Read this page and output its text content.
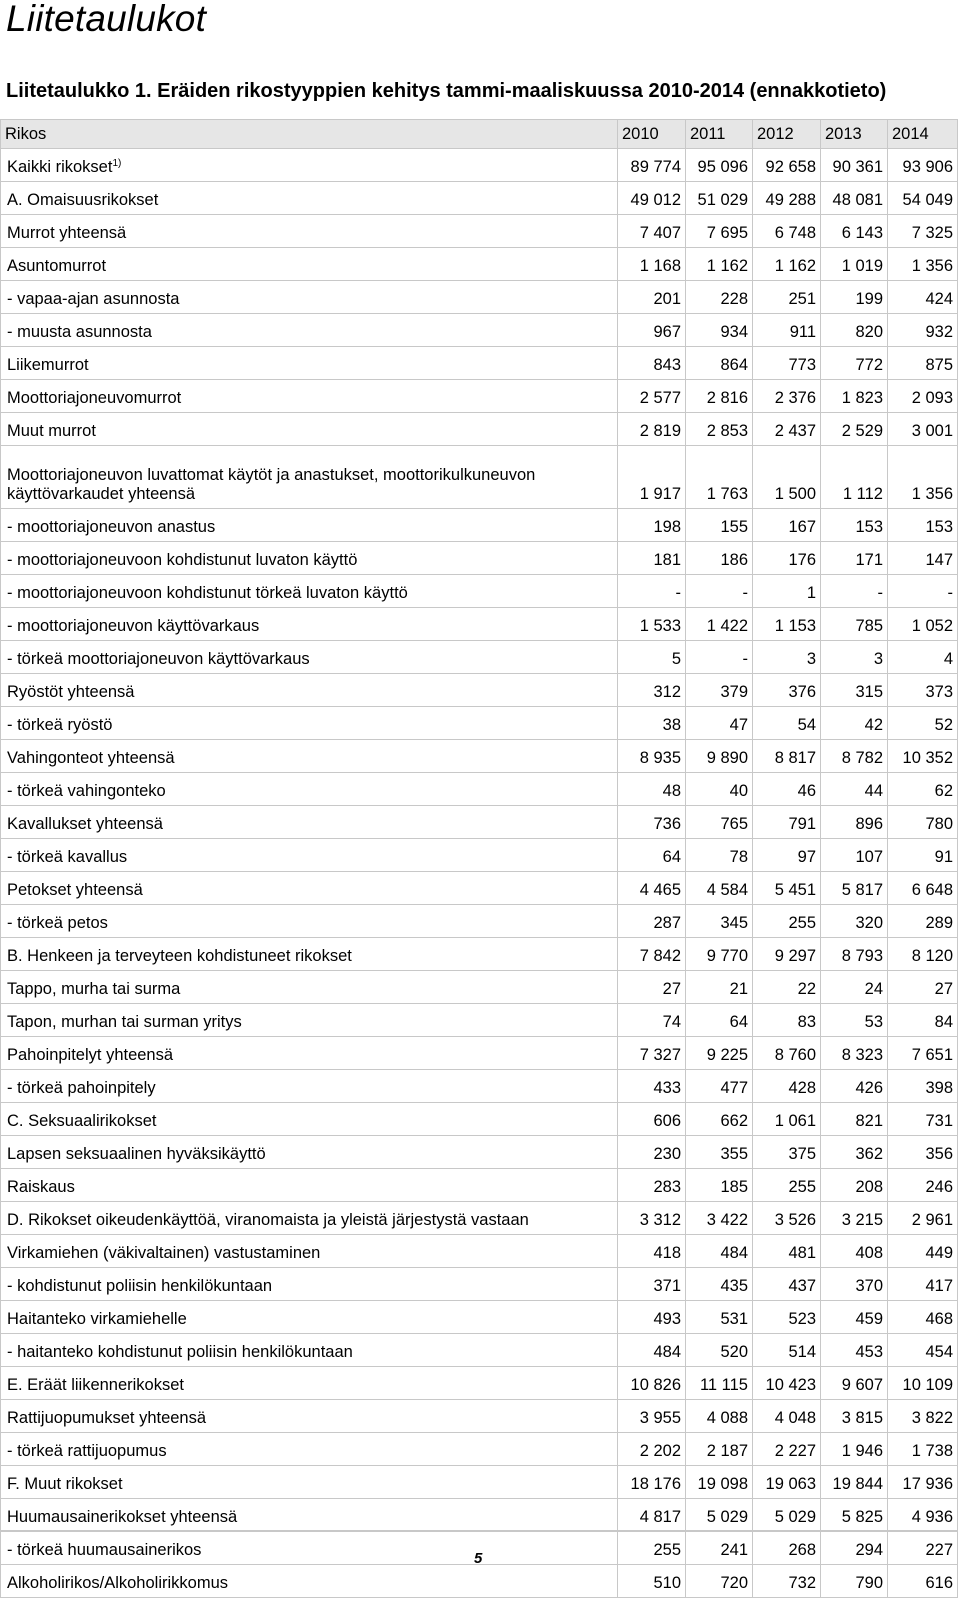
Liitetaulukot
Liitetaulukko 1. Eräiden rikostyyppien kehitys tammi-maaliskuussa 2010-2014 (ennakkotieto)
Rikos	2010	2011	2012	2013	2014
Kaikki rikokset$^{1)}$	89 774	95 096	92 658	90 361	93 906
A. Omaisuusrikokset	49 012	51 029	49 288	48 081	54 049
Murrot yhteensä	7 407	7 695	6 748	6 143	7 325
Asuntomurrot	1 168	1 162	1 162	1 019	1 356
- vapaa-ajan asunnosta	201	228	251	199	424
- muusta asunnosta	967	934	911	820	932
Liikemurrot	843	864	773	772	875
Moottoriajoneuvomurrot	2 577	2 816	2 376	1 823	2 093
Muut murrot	2 819	2 853	2 437	2 529	3 001
Moottoriajoneuvon luvattomat käytöt ja anastukset, moottorikulkuneuvon
käyttövarkaudet yhteensä	1 917	1 763	1 500	1 112	1 356
- moottoriajoneuvon anastus	198	155	167	153	153
- moottoriajoneuvoon kohdistunut luvaton käyttö	181	186	176	171	147
- moottoriajoneuvoon kohdistunut törkeä luvaton käyttö	-	-	1	-	-
- moottoriajoneuvon käyttövarkaus	1 533	1 422	1 153	785	1 052
- törkeä moottoriajoneuvon käyttövarkaus	5	-	3	3	4
Ryöstöt yhteensä	312	379	376	315	373
- törkeä ryöstö	38	47	54	42	52
Vahingonteot yhteensä	8 935	9 890	8 817	8 782	10 352
- törkeä vahingonteko	48	40	46	44	62
Kavallukset yhteensä	736	765	791	896	780
- törkeä kavallus	64	78	97	107	91
Petokset yhteensä	4 465	4 584	5 451	5 817	6 648
- törkeä petos	287	345	255	320	289
B. Henkeen ja terveyteen kohdistuneet rikokset	7 842	9 770	9 297	8 793	8 120
Tappo, murha tai surma	27	21	22	24	27
Tapon, murhan tai surman yritys	74	64	83	53	84
Pahoinpitelyt yhteensä	7 327	9 225	8 760	8 323	7 651
- törkeä pahoinpitely	433	477	428	426	398
C. Seksuaalirikokset	606	662	1 061	821	731
Lapsen seksuaalinen hyväksikäyttö	230	355	375	362	356
Raiskaus	283	185	255	208	246
D. Rikokset oikeudenkäyttöä, viranomaista ja yleistä järjestystä vastaan	3 312	3 422	3 526	3 215	2 961
Virkamiehen (väkivaltainen) vastustaminen	418	484	481	408	449
- kohdistunut poliisin henkilökuntaan	371	435	437	370	417
Haitanteko virkamiehelle	493	531	523	459	468
- haitanteko kohdistunut poliisin henkilökuntaan	484	520	514	453	454
E. Eräät liikennerikokset	10 826	11 115	10 423	9 607	10 109
Rattijuopumukset yhteensä	3 955	4 088	4 048	3 815	3 822
- törkeä rattijuopumus	2 202	2 187	2 227	1 946	1 738
F. Muut rikokset	18 176	19 098	19 063	19 844	17 936
Huumausainerikokset yhteensä	4 817	5 029	5 029	5 825	4 936
- törkeä huumausainerikos	255	241	268	294	227
Alkoholirikos/Alkoholirikkomus	510	720	732	790	616
5
